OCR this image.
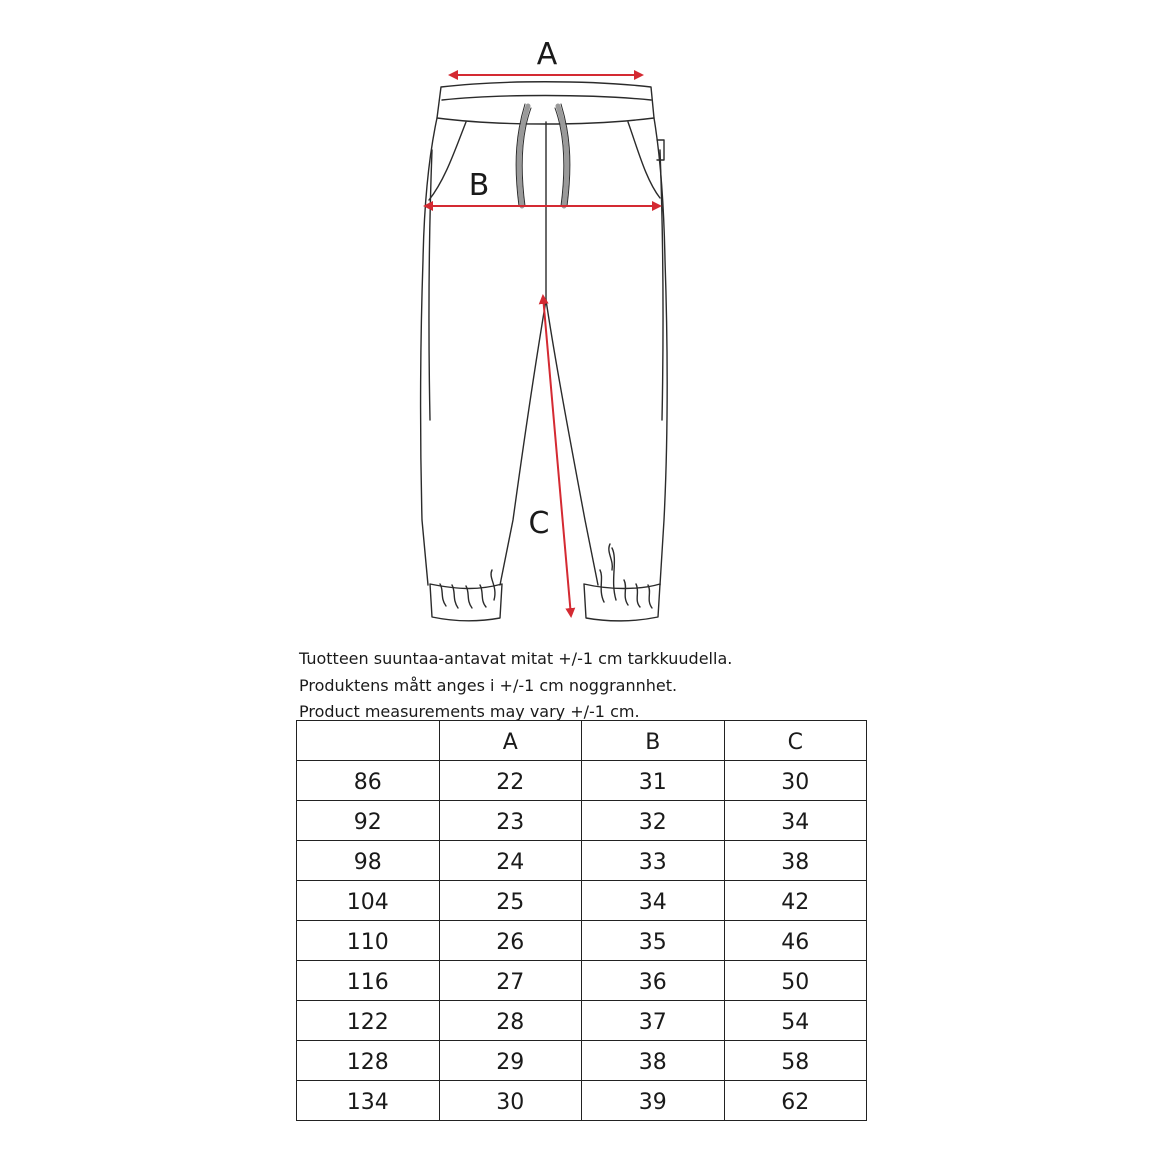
A
B
C
Tuotteen suuntaa-antavat mitat +/-1 cm tarkkuudella.
Produktens mått anges i +/-1 cm noggrannhet.
Product measurements may vary +/-1 cm.
	A	B	C
86	22	31	30
92	23	32	34
98	24	33	38
104	25	34	42
110	26	35	46
116	27	36	50
122	28	37	54
128	29	38	58
134	30	39	62
